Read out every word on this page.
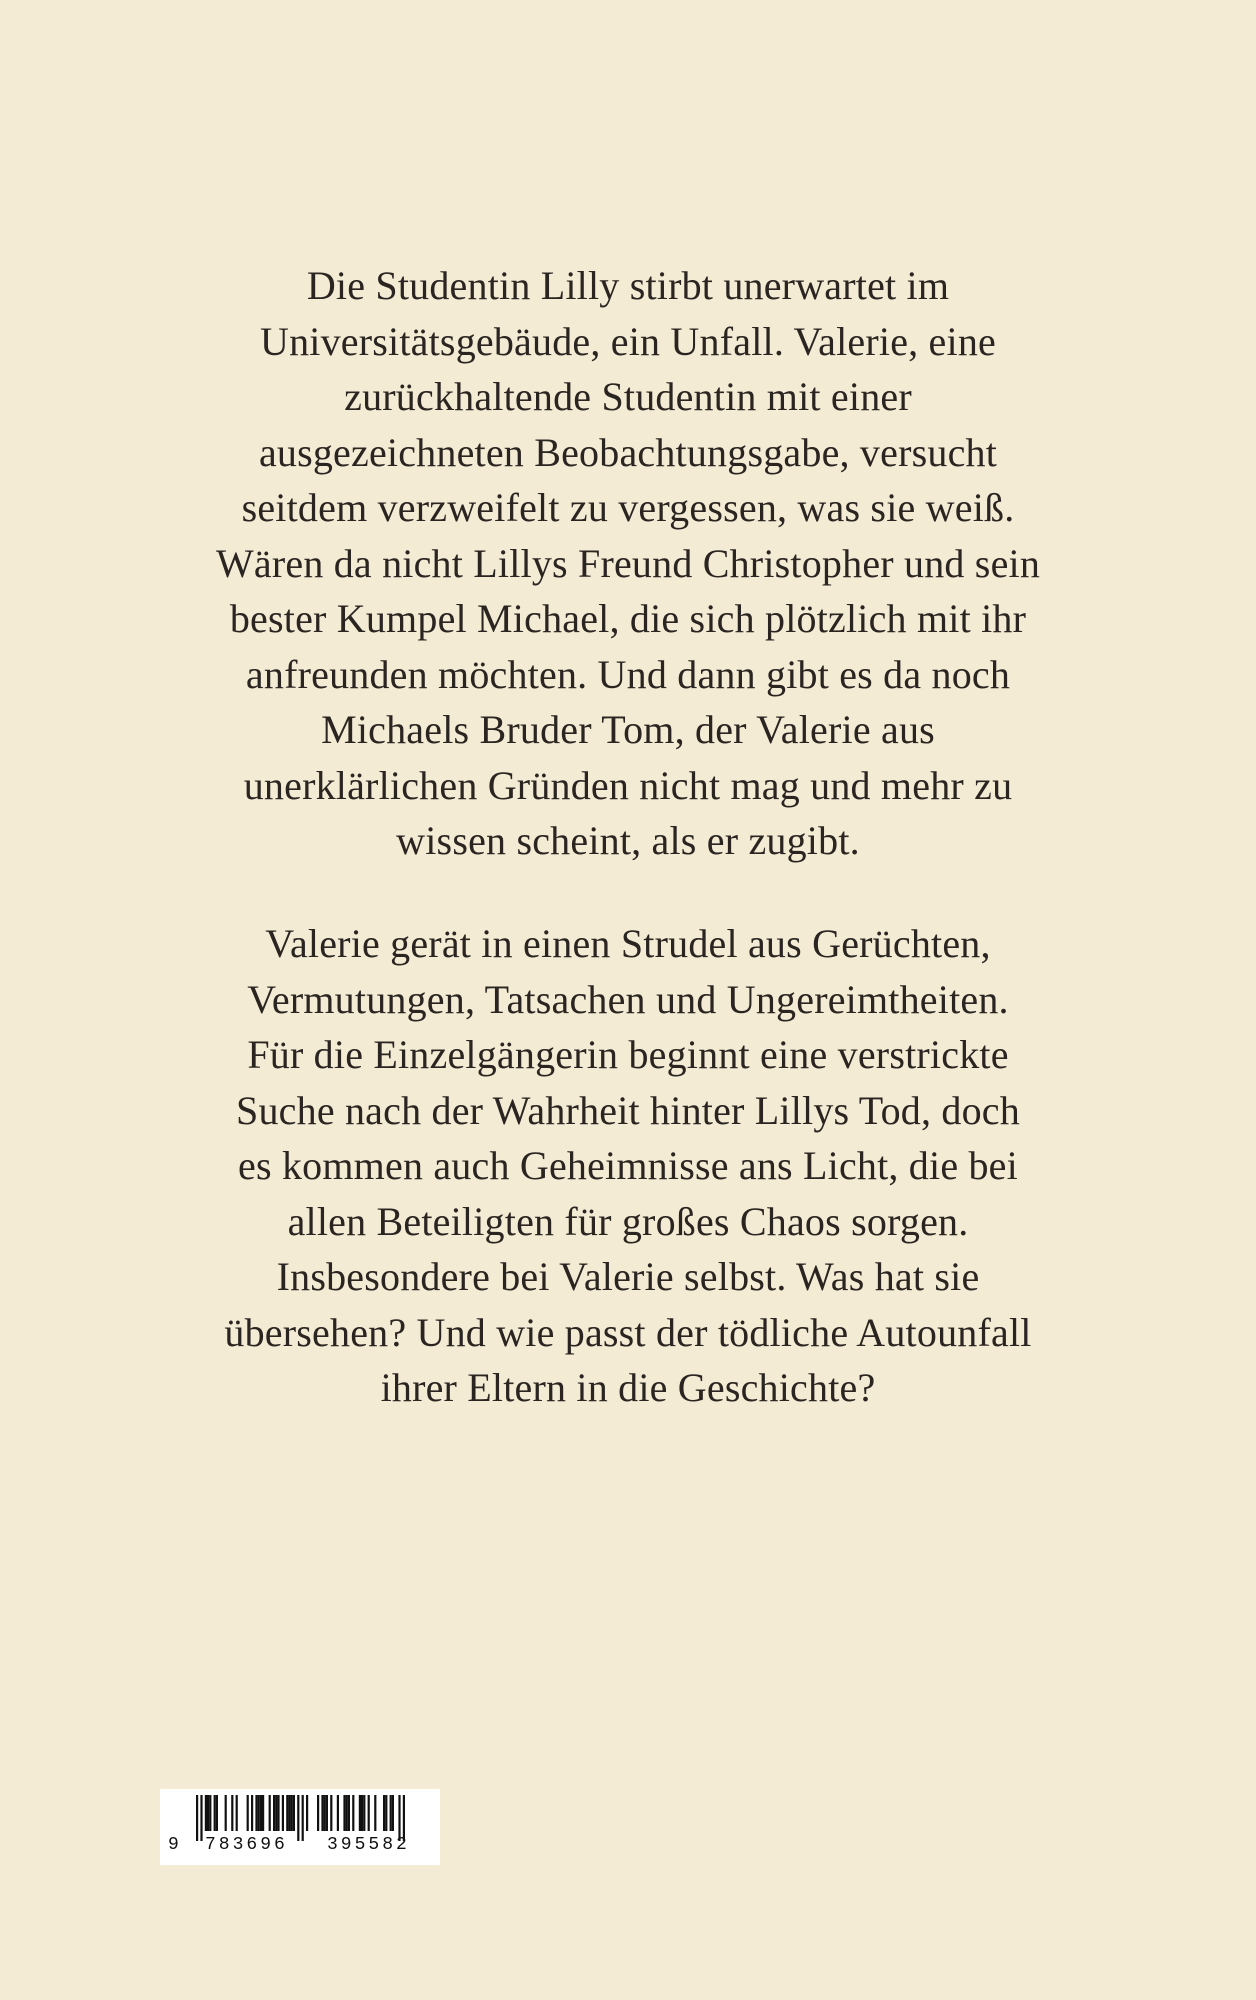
Die Studentin Lilly stirbt unerwartet im
Universitätsgebäude, ein Unfall. Valerie, eine
zurückhaltende Studentin mit einer
ausgezeichneten Beobachtungsgabe, versucht
seitdem verzweifelt zu vergessen, was sie weiß.
Wären da nicht Lillys Freund Christopher und sein
bester Kumpel Michael, die sich plötzlich mit ihr
anfreunden möchten. Und dann gibt es da noch
Michaels Bruder Tom, der Valerie aus
unerklärlichen Gründen nicht mag und mehr zu
wissen scheint, als er zugibt.
Valerie gerät in einen Strudel aus Gerüchten,
Vermutungen, Tatsachen und Ungereimtheiten.
Für die Einzelgängerin beginnt eine verstrickte
Suche nach der Wahrheit hinter Lillys Tod, doch
es kommen auch Geheimnisse ans Licht, die bei
allen Beteiligten für großes Chaos sorgen.
Insbesondere bei Valerie selbst. Was hat sie
übersehen? Und wie passt der tödliche Autounfall
ihrer Eltern in die Geschichte?
9 783696 395582
